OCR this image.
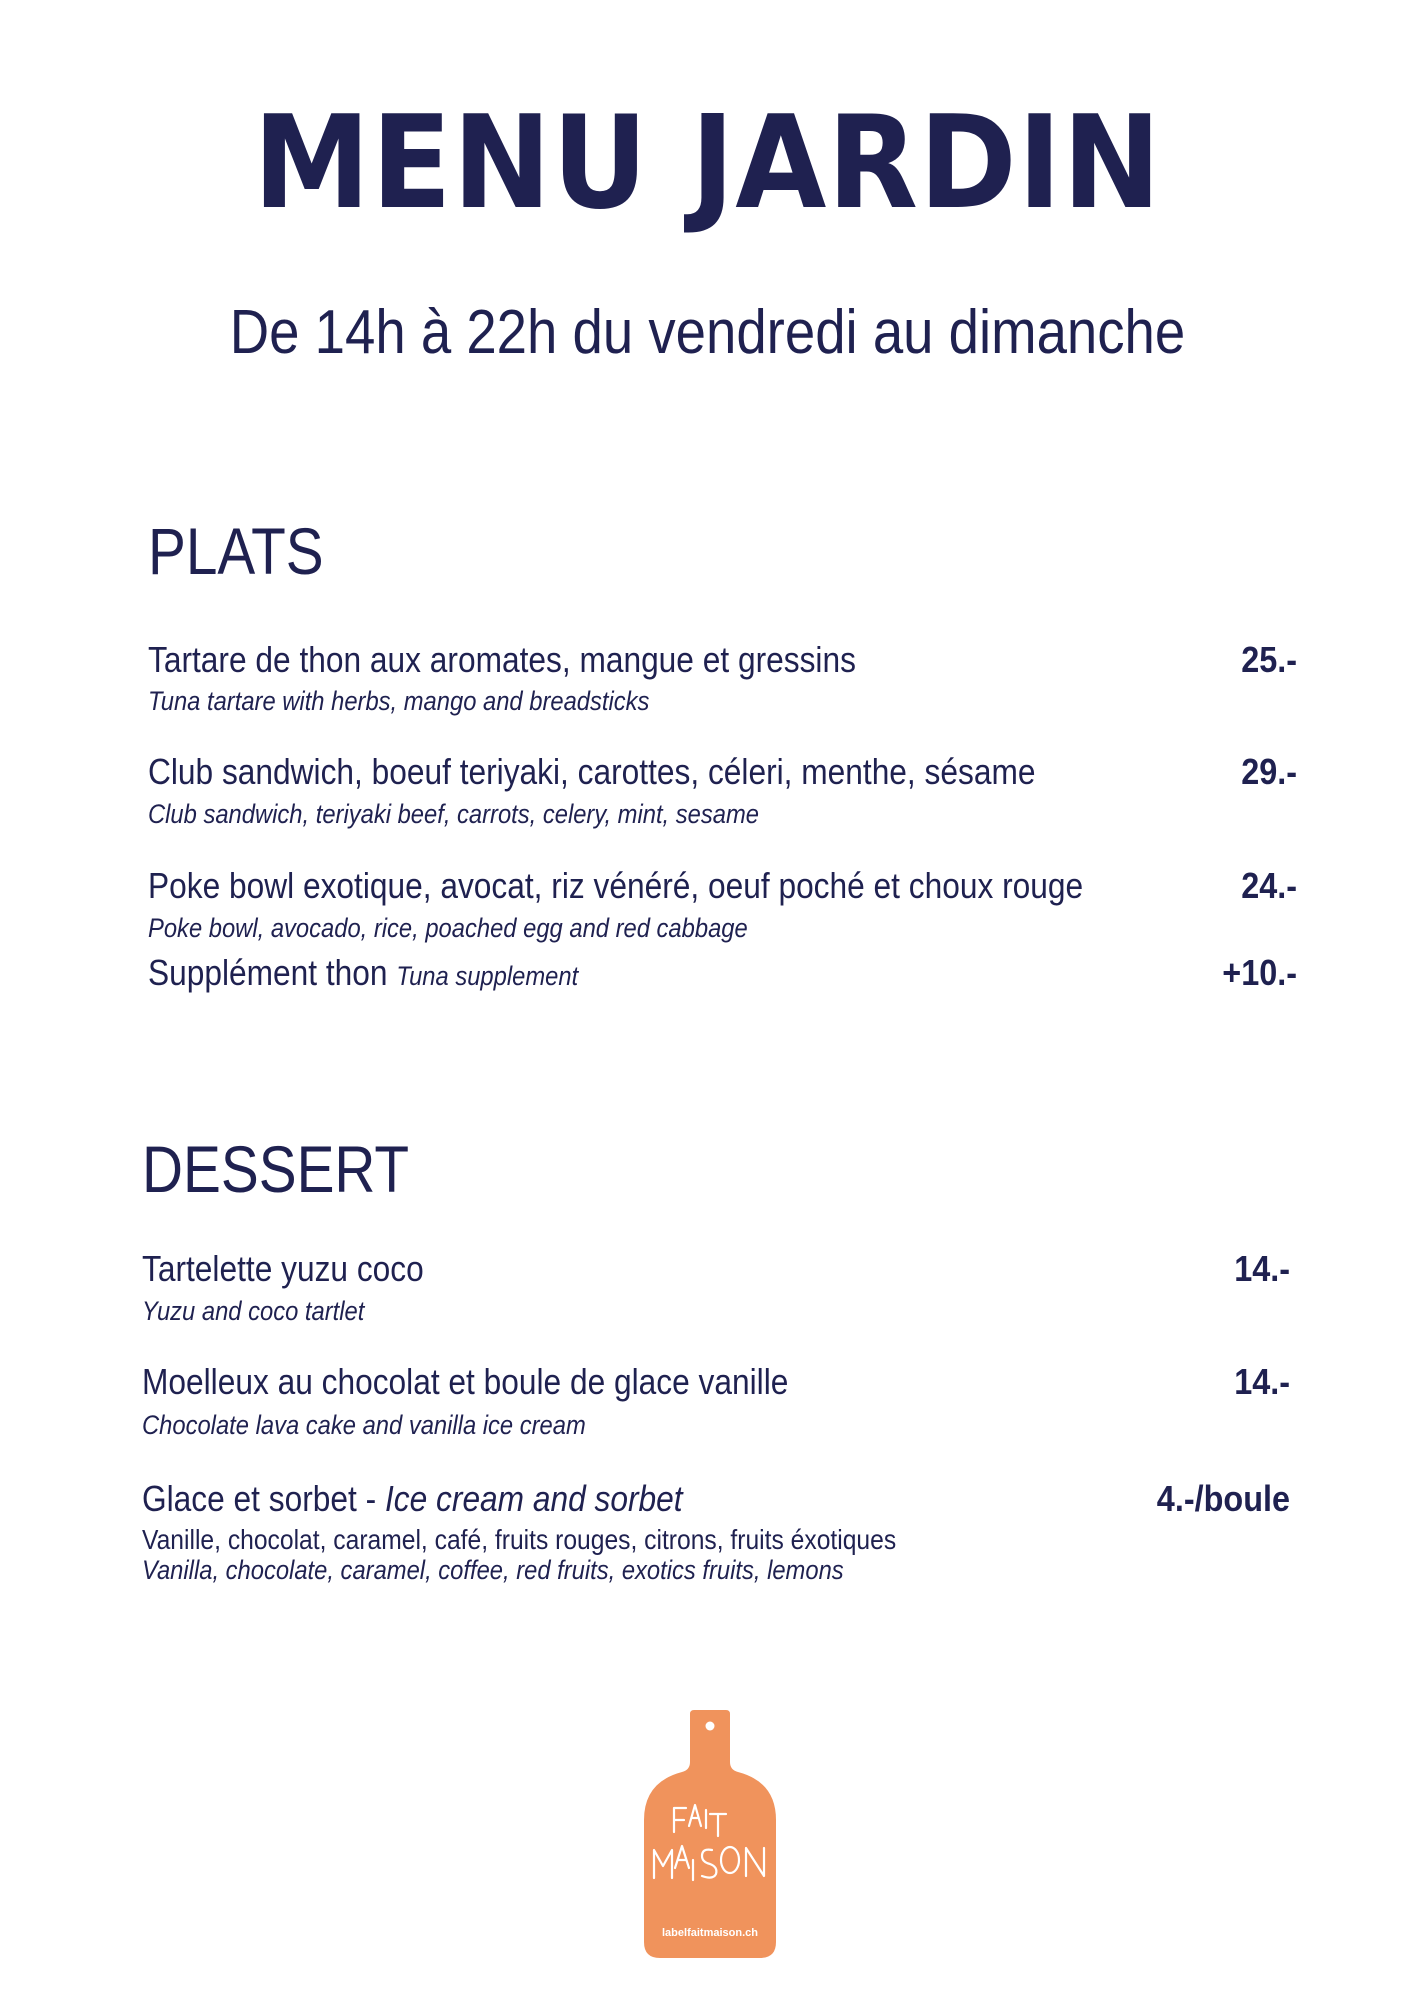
MENU JARDIN
De 14h à 22h du vendredi au dimanche
PLATS
Tartare de thon aux aromates, mangue et gressins
Tuna tartare with herbs, mango and breadsticks
25.-
Club sandwich, boeuf teriyaki, carottes, céleri, menthe, sésame
Club sandwich, teriyaki beef, carrots, celery, mint, sesame
29.-
Poke bowl exotique, avocat, riz vénéré, oeuf poché et choux rouge
Poke bowl, avocado, rice, poached egg and red cabbage
24.-
Supplément thon Tuna supplement	+10.-
DESSERT
Tartelette yuzu coco
Yuzu and coco tartlet
14.-
Moelleux au chocolat et boule de glace vanille
Chocolate lava cake and vanilla ice cream
14.-
Glace et sorbet - Ice cream and sorbet	4.-/boule
Vanille, chocolat, caramel, café, fruits rouges, citrons, fruits éxotiques
Vanilla, chocolate, caramel, coffee, red fruits, exotics fruits, lemons
labelfaitmaison.ch
